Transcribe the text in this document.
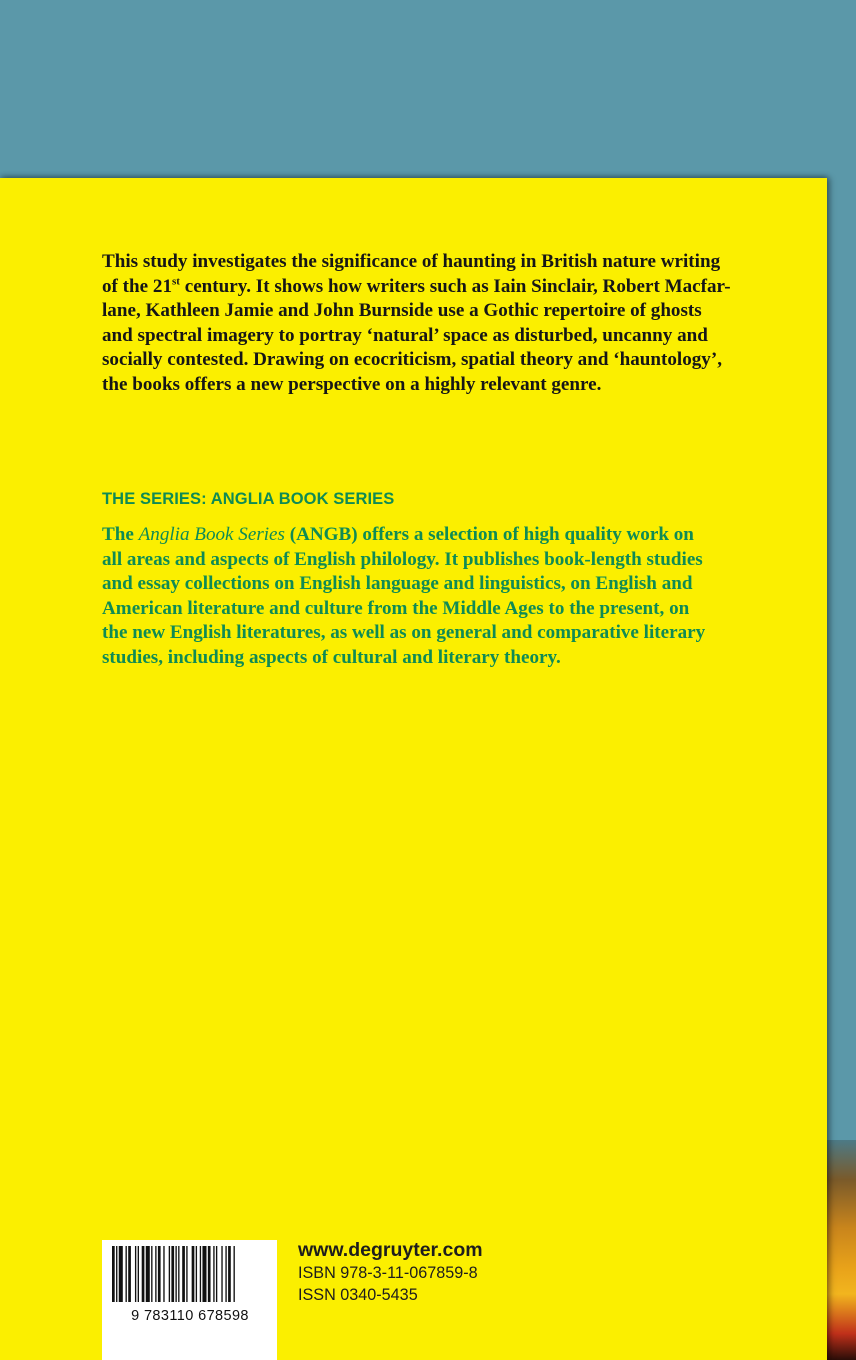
This study investigates the significance of haunting in British nature writing
of the 21st century. It shows how writers such as Iain Sinclair, Robert Macfar-
lane, Kathleen Jamie and John Burnside use a Gothic repertoire of ghosts
and spectral imagery to portray ‘natural’ space as disturbed, uncanny and
socially contested. Drawing on ecocriticism, spatial theory and ‘hauntology’,
the books offers a new perspective on a highly relevant genre.

THE SERIES: ANGLIA BOOK SERIES

The Anglia Book Series (ANGB) offers a selection of high quality work on
all areas and aspects of English philology. It publishes book-length studies
and essay collections on English language and linguistics, on English and
American literature and culture from the Middle Ages to the present, on
the new English literatures, as well as on general and comparative literary
studies, including aspects of cultural and literary theory.

9 783110 678598
www.degruyter.com
ISBN 978-3-11-067859-8
ISSN 0340-5435
